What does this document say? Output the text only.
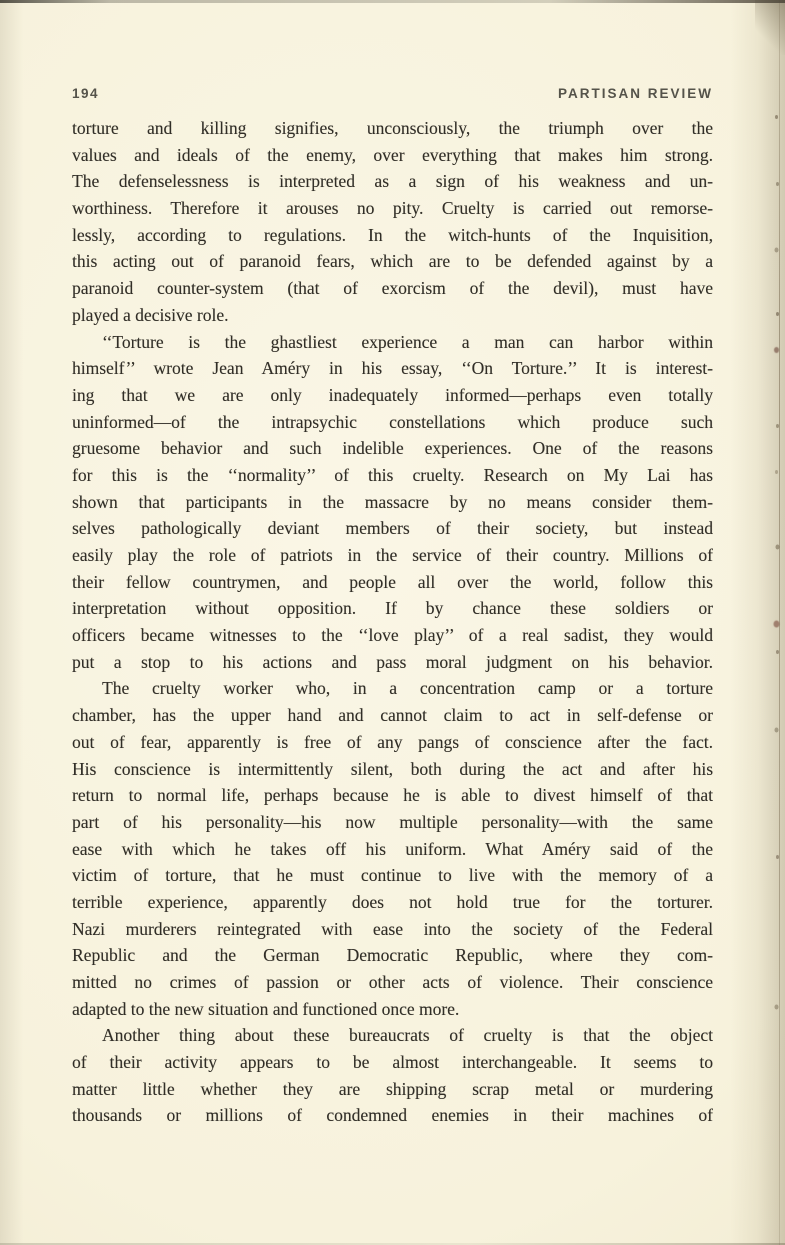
194	PARTISAN REVIEW
torture and killing signifies, unconsciously, the triumph over the
values and ideals of the enemy, over everything that makes him strong.
The defenselessness is interpreted as a sign of his weakness and un-
worthiness. Therefore it arouses no pity. Cruelty is carried out remorse-
lessly, according to regulations. In the witch-hunts of the Inquisition,
this acting out of paranoid fears, which are to be defended against by a
paranoid counter-system (that of exorcism of the devil), must have
played a decisive role.
‘‘Torture is the ghastliest experience a man can harbor within
himself’’ wrote Jean Améry in his essay, ‘‘On Torture.’’ It is interest-
ing that we are only inadequately informed—perhaps even totally
uninformed—of the intrapsychic constellations which produce such
gruesome behavior and such indelible experiences. One of the reasons
for this is the ‘‘normality’’ of this cruelty. Research on My Lai has
shown that participants in the massacre by no means consider them-
selves pathologically deviant members of their society, but instead
easily play the role of patriots in the service of their country. Millions of
their fellow countrymen, and people all over the world, follow this
interpretation without opposition. If by chance these soldiers or
officers became witnesses to the ‘‘love play’’ of a real sadist, they would
put a stop to his actions and pass moral judgment on his behavior.
The cruelty worker who, in a concentration camp or a torture
chamber, has the upper hand and cannot claim to act in self-defense or
out of fear, apparently is free of any pangs of conscience after the fact.
His conscience is intermittently silent, both during the act and after his
return to normal life, perhaps because he is able to divest himself of that
part of his personality—his now multiple personality—with the same
ease with which he takes off his uniform. What Améry said of the
victim of torture, that he must continue to live with the memory of a
terrible experience, apparently does not hold true for the torturer.
Nazi murderers reintegrated with ease into the society of the Federal
Republic and the German Democratic Republic, where they com-
mitted no crimes of passion or other acts of violence. Their conscience
adapted to the new situation and functioned once more.
Another thing about these bureaucrats of cruelty is that the object
of their activity appears to be almost interchangeable. It seems to
matter little whether they are shipping scrap metal or murdering
thousands or millions of condemned enemies in their machines of
